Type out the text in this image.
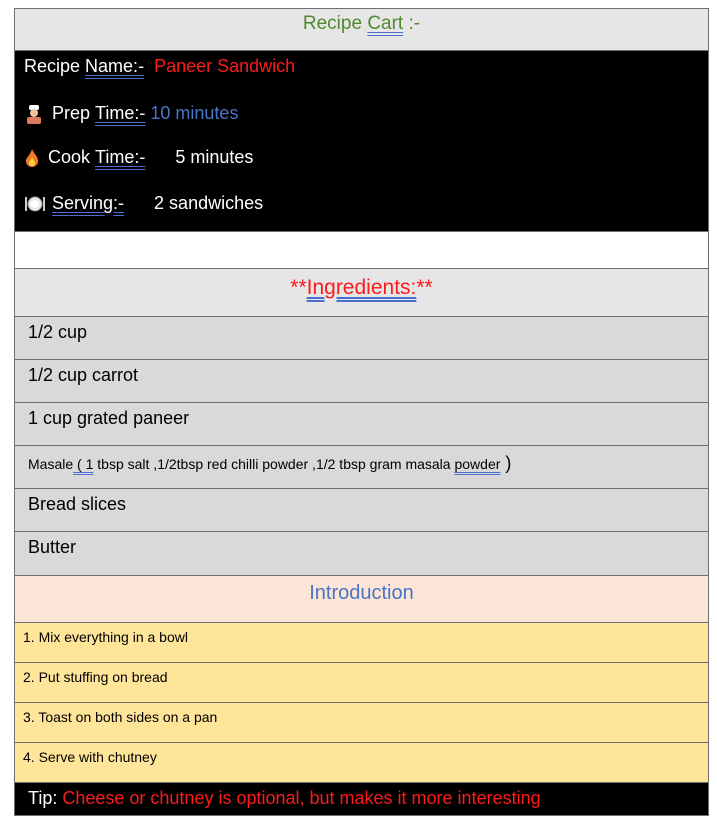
Recipe Cart :-
Recipe
Name:-
Paneer Sandwich
Prep
Time:-
10 minutes
Cook
Time:-
5 minutes
Serving:-
2 sandwiches
**Ingredients:**
1/2 cup
1/2 cup carrot
1 cup grated paneer
Masale ( 1 tbsp salt ,1/2tbsp red chilli powder ,1/2 tbsp gram masala powder )
Bread slices
Butter
Introduction
1. Mix everything in a bowl
2. Put stuffing on bread
3. Toast on both sides on a pan
4. Serve with chutney
Tip: Cheese or chutney is optional, but makes it more interesting
